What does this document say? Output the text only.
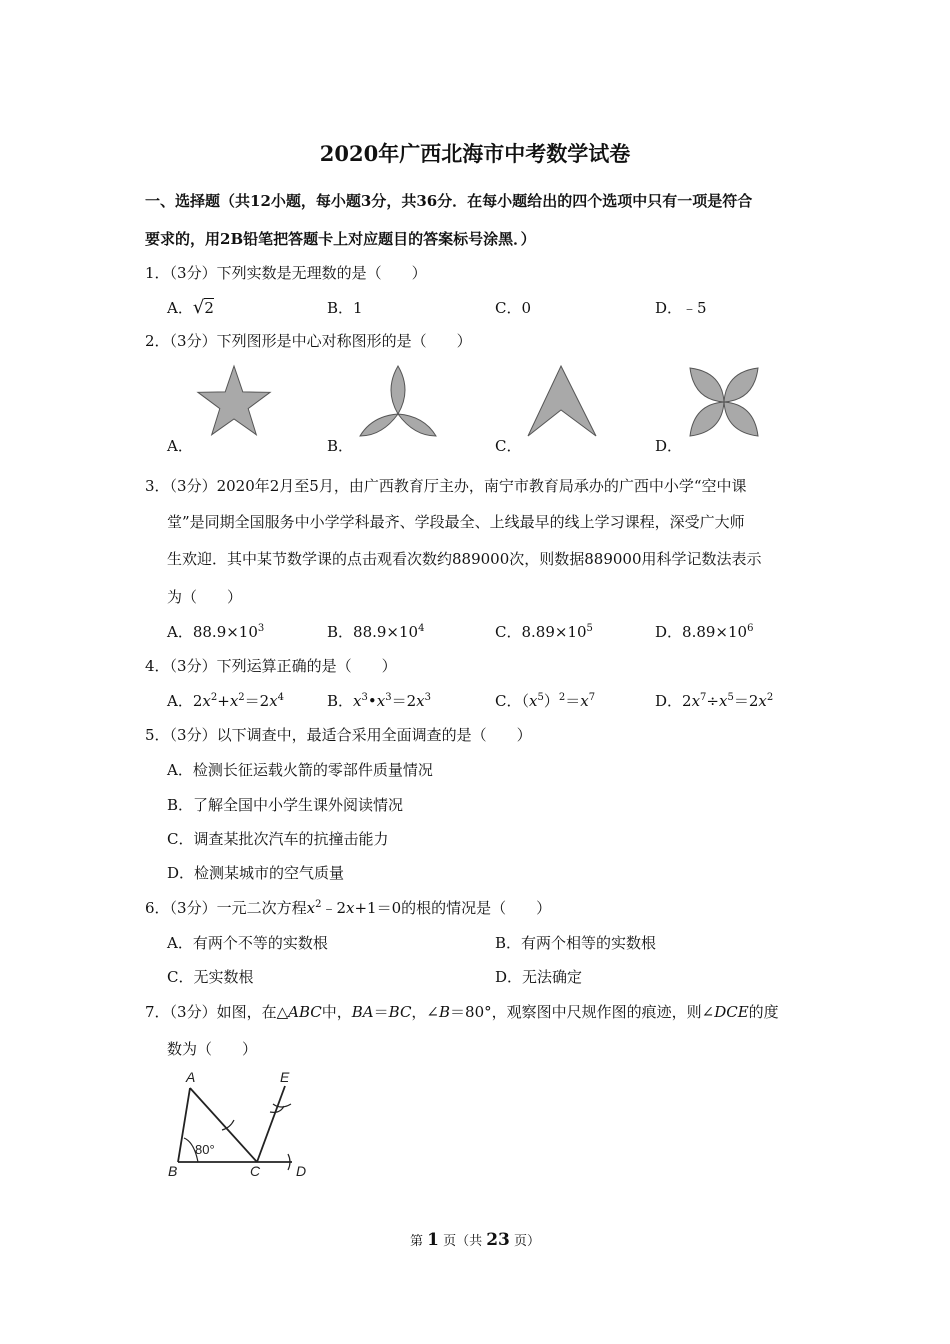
2020年广西北海市中考数学试卷
一、选择题（共12小题，每小题3分，共36分．在每小题给出的四个选项中只有一项是符合
要求的，用2B铅笔把答题卡上对应题目的答案标号涂黑．）
1．（3分）下列实数是无理数的是（　　）
A．√2	B．1	C．0	D．﹣5
2．（3分）下列图形是中心对称图形的是（　　）
A．	B．	C．	D．
3．（3分）2020年2月至5月，由广西教育厅主办，南宁市教育局承办的广西中小学“空中课
堂”是同期全国服务中小学学科最齐、学段最全、上线最早的线上学习课程，深受广大师
生欢迎．其中某节数学课的点击观看次数约889000次，则数据889000用科学记数法表示
为（　　）
A．$88.9\times 10^3$	B．$88.9\times 10^4$	C．$8.89\times 10^5$	D．$8.89\times 10^6$
4．（3分）下列运算正确的是（　　）
A．$2x^2+x^2=2x^4$	B．$x^3•x^3=2x^3$	C．$(x^5)^2=x^7$	D．$2x^7\div x^5=2x^2$
5．（3分）以下调查中，最适合采用全面调查的是（　　）
A．检测长征运载火箭的零部件质量情况
B．了解全国中小学生课外阅读情况
C．调查某批次汽车的抗撞击能力
D．检测某城市的空气质量
6．（3分）一元二次方程$x^2﹣2x+1=0$的根的情况是（　　）
A．有两个不等的实数根	B．有两个相等的实数根
C．无实数根	D．无法确定
7．（3分）如图，在△ABC中，BA＝BC，∠B＝80°，观察图中尺规作图的痕迹，则∠DCE的度
数为（　　）
A
B	C	D
E
80°
第 1 页（共 23 页）
